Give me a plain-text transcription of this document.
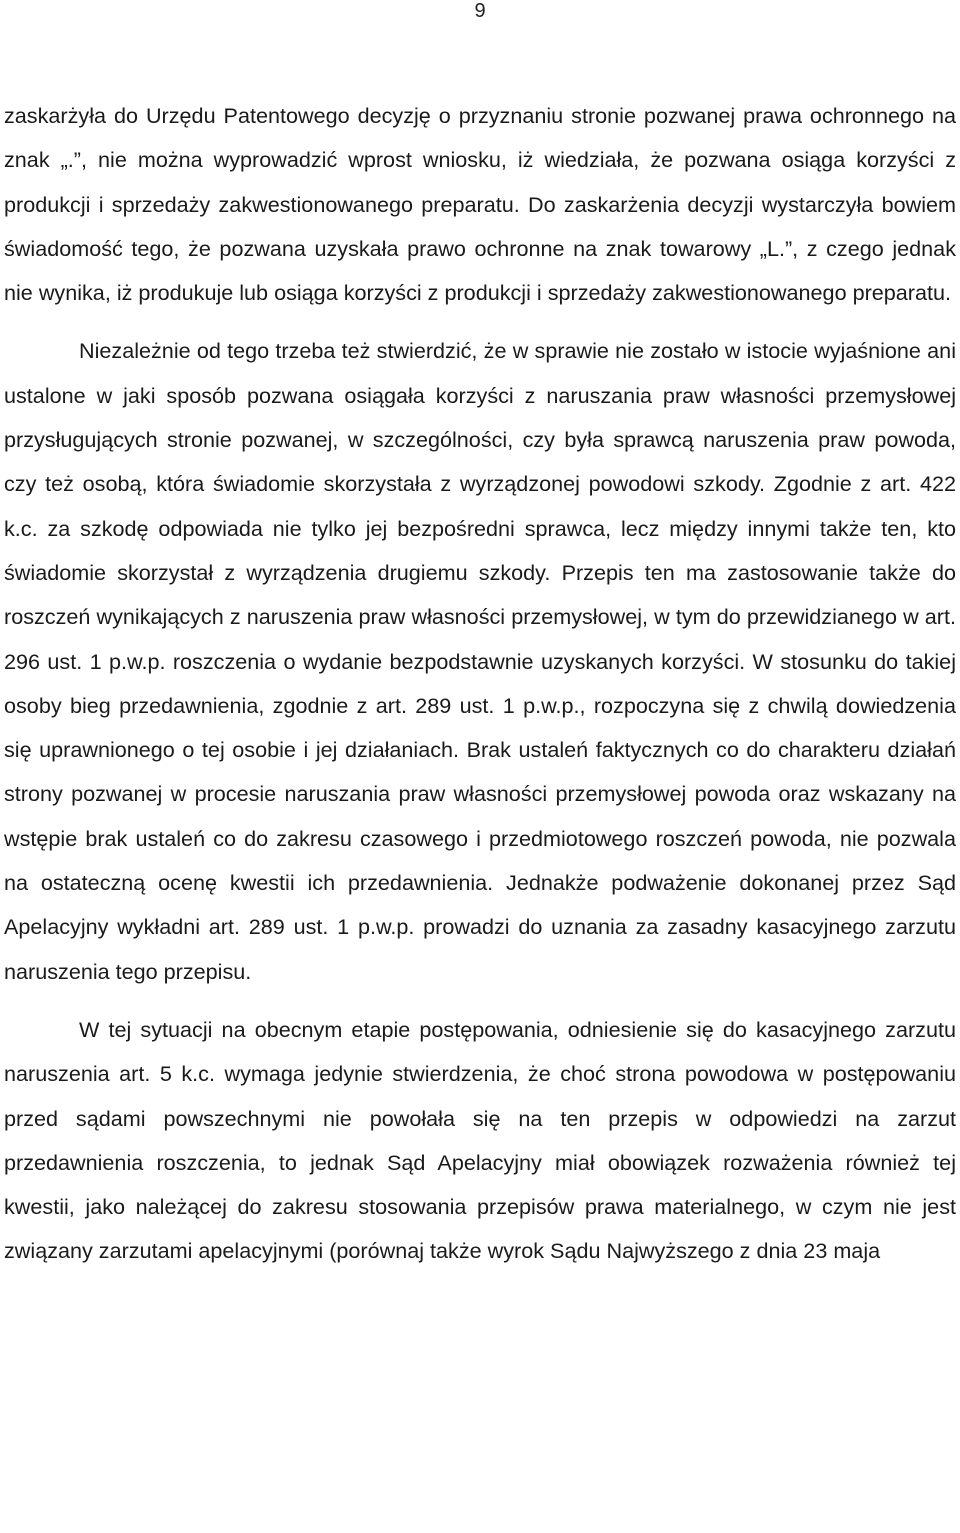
9

zaskarżyła do Urzędu Patentowego decyzję o przyznaniu stronie pozwanej prawa ochronnego na znak „.”, nie można wyprowadzić wprost wniosku, iż wiedziała, że pozwana osiąga korzyści z produkcji i sprzedaży zakwestionowanego preparatu. Do zaskarżenia decyzji wystarczyła bowiem świadomość tego, że pozwana uzyskała prawo ochronne na znak towarowy „L.”, z czego jednak nie wynika, iż produkuje lub osiąga korzyści z produkcji i sprzedaży zakwestionowanego preparatu.

Niezależnie od tego trzeba też stwierdzić, że w sprawie nie zostało w istocie wyjaśnione ani ustalone w jaki sposób pozwana osiągała korzyści z naruszania praw własności przemysłowej przysługujących stronie pozwanej, w szczególności, czy była sprawcą naruszenia praw powoda, czy też osobą, która świadomie skorzystała z wyrządzonej powodowi szkody. Zgodnie z art. 422 k.c. za szkodę odpowiada nie tylko jej bezpośredni sprawca, lecz między innymi także ten, kto świadomie skorzystał z wyrządzenia drugiemu szkody. Przepis ten ma zastosowanie także do roszczeń wynikających z naruszenia praw własności przemysłowej, w tym do przewidzianego w art. 296 ust. 1 p.w.p. roszczenia o wydanie bezpodstawnie uzyskanych korzyści. W stosunku do takiej osoby bieg przedawnienia, zgodnie z art. 289 ust. 1 p.w.p., rozpoczyna się z chwilą dowiedzenia się uprawnionego o tej osobie i jej działaniach. Brak ustaleń faktycznych co do charakteru działań strony pozwanej w procesie naruszania praw własności przemysłowej powoda oraz wskazany na wstępie brak ustaleń co do zakresu czasowego i przedmiotowego roszczeń powoda, nie pozwala na ostateczną ocenę kwestii ich przedawnienia. Jednakże podważenie dokonanej przez Sąd Apelacyjny wykładni art. 289 ust. 1 p.w.p. prowadzi do uznania za zasadny kasacyjnego zarzutu naruszenia tego przepisu.

W tej sytuacji na obecnym etapie postępowania, odniesienie się do kasacyjnego zarzutu naruszenia art. 5 k.c. wymaga jedynie stwierdzenia, że choć strona powodowa w postępowaniu przed sądami powszechnymi nie powołała się na ten przepis w odpowiedzi na zarzut przedawnienia roszczenia, to jednak Sąd Apelacyjny miał obowiązek rozważenia również tej kwestii, jako należącej do zakresu stosowania przepisów prawa materialnego, w czym nie jest związany zarzutami apelacyjnymi (porównaj także wyrok Sądu Najwyższego z dnia 23 maja
